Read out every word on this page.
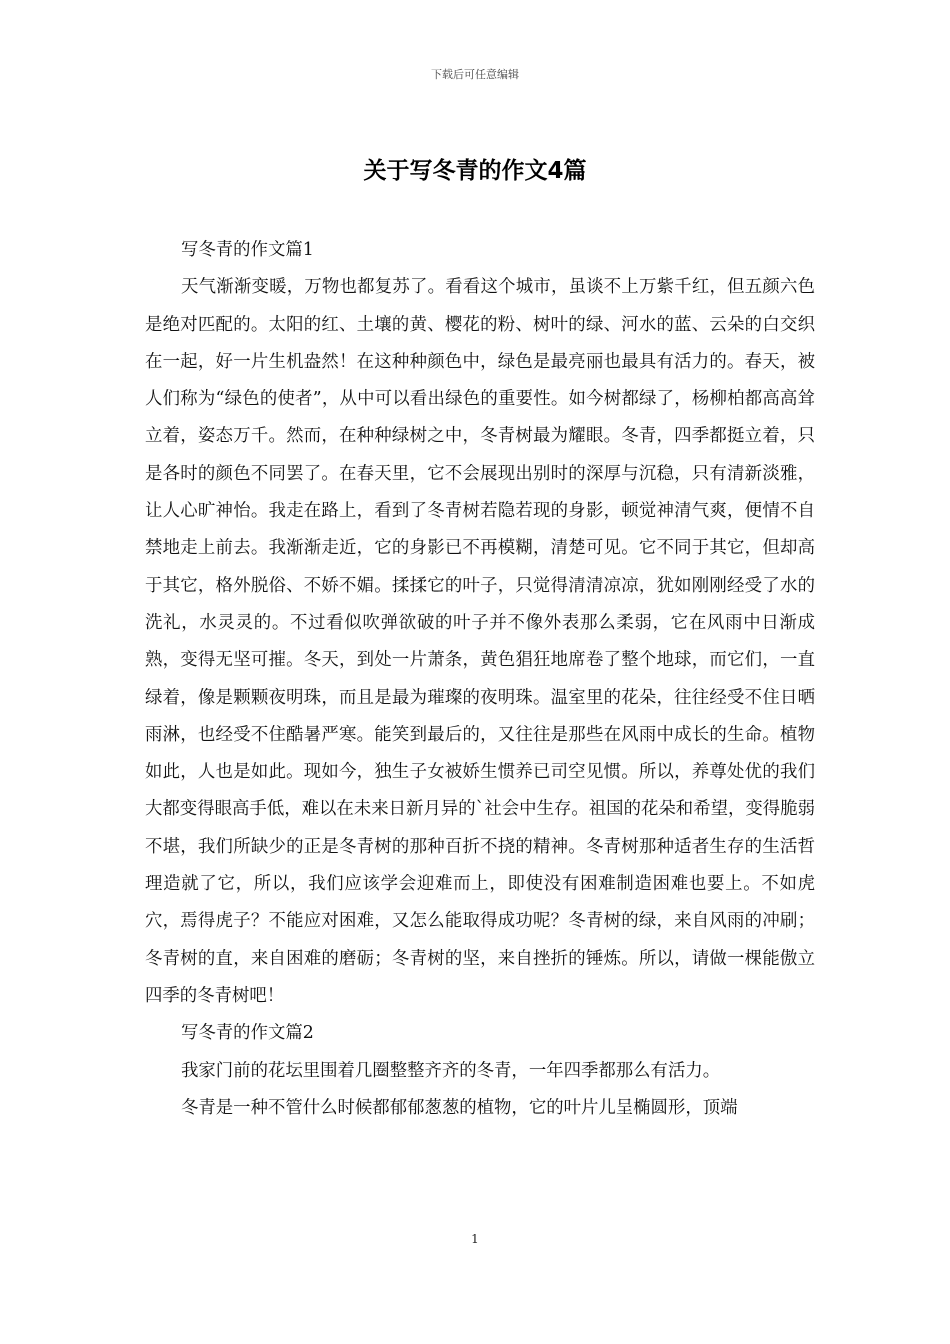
下载后可任意编辑
关于写冬青的作文4篇

写冬青的作文篇1

天气渐渐变暖，万物也都复苏了。看看这个城市，虽谈不上万紫千红，但五颜六色是绝对匹配的。太阳的红、土壤的黄、樱花的粉、树叶的绿、河水的蓝、云朵的白交织在一起，好一片生机盎然！在这种种颜色中，绿色是最亮丽也最具有活力的。春天，被人们称为“绿色的使者”，从中可以看出绿色的重要性。如今树都绿了，杨柳柏都高高耸立着，姿态万千。然而，在种种绿树之中，冬青树最为耀眼。冬青，四季都挺立着，只是各时的颜色不同罢了。在春天里，它不会展现出别时的深厚与沉稳，只有清新淡雅，让人心旷神怡。我走在路上，看到了冬青树若隐若现的身影，顿觉神清气爽，便情不自禁地走上前去。我渐渐走近，它的身影已不再模糊，清楚可见。它不同于其它，但却高于其它，格外脱俗、不娇不媚。揉揉它的叶子，只觉得清清凉凉，犹如刚刚经受了水的洗礼，水灵灵的。不过看似吹弹欲破的叶子并不像外表那么柔弱，它在风雨中日渐成熟，变得无坚可摧。冬天，到处一片萧条，黄色猖狂地席卷了整个地球，而它们，一直绿着，像是颗颗夜明珠，而且是最为璀璨的夜明珠。温室里的花朵，往往经受不住日晒雨淋，也经受不住酷暑严寒。能笑到最后的，又往往是那些在风雨中成长的生命。植物如此，人也是如此。现如今，独生子女被娇生惯养已司空见惯。所以，养尊处优的我们大都变得眼高手低，难以在未来日新月异的`社会中生存。祖国的花朵和希望，变得脆弱不堪，我们所缺少的正是冬青树的那种百折不挠的精神。冬青树那种适者生存的生活哲理造就了它，所以，我们应该学会迎难而上，即使没有困难制造困难也要上。不如虎穴，焉得虎子？不能应对困难，又怎么能取得成功呢？冬青树的绿，来自风雨的冲刷；冬青树的直，来自困难的磨砺；冬青树的坚，来自挫折的锤炼。所以，请做一棵能傲立四季的冬青树吧！

写冬青的作文篇2

我家门前的花坛里围着几圈整整齐齐的冬青，一年四季都那么有活力。

冬青是一种不管什么时候都郁郁葱葱的植物，它的叶片儿呈椭圆形，顶端

1
